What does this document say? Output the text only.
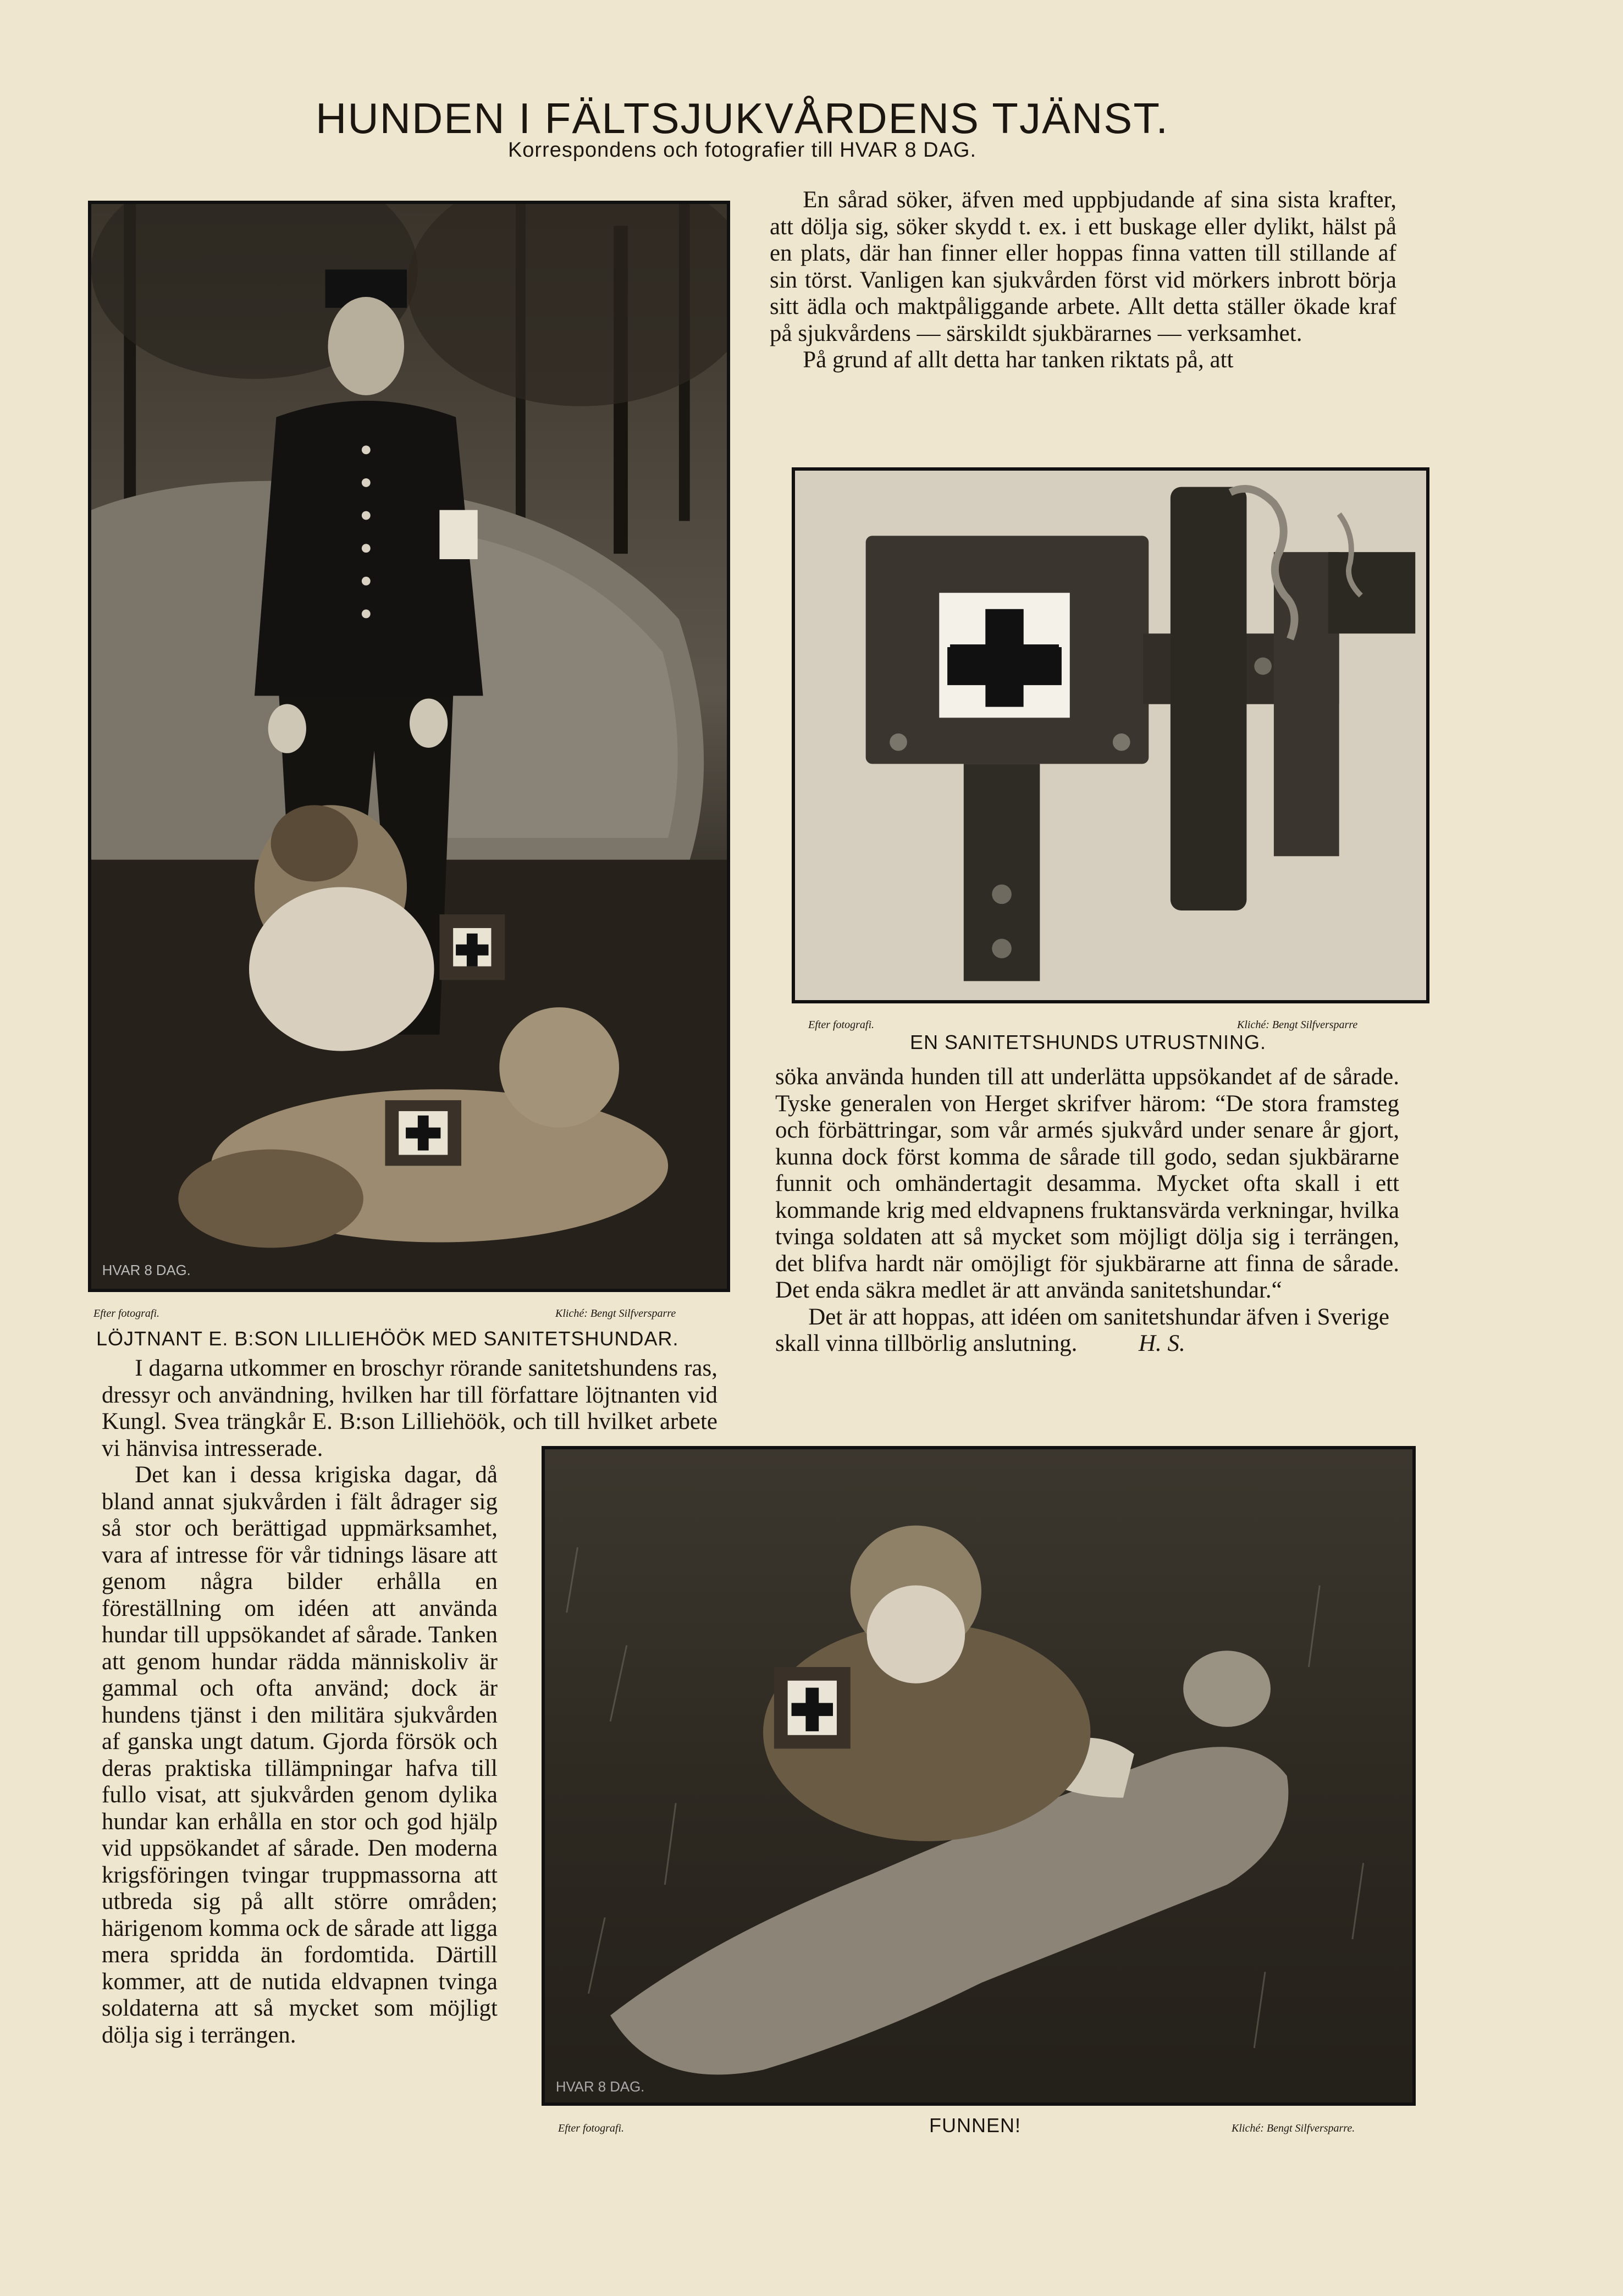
HUNDEN I FÄLTSJUKVÅRDENS TJÄNST.
Korrespondens och fotografier till HVAR 8 DAG.
HVAR 8 DAG.
Efter fotografi.	Kliché: Bengt Silfversparre
LÖJTNANT E. B:SON LILLIEHÖÖK MED SANITETSHUNDAR.

En sårad söker, äfven med uppbjudande af sina sista krafter, att dölja sig, söker skydd t. ex. i ett buskage eller dylikt, hälst på en plats, där han finner eller hoppas finna vatten till stillande af sin törst. Vanligen kan sjukvården först vid mörkers inbrott börja sitt ädla och maktpåliggande arbete. Allt detta ställer ökade kraf på sjukvårdens — särskildt sjukbärarnes — verksamhet.

På grund af allt detta har tanken riktats på, att

Efter fotografi.	Kliché: Bengt Silfversparre
EN SANITETSHUNDS UTRUSTNING.

söka använda hunden till att underlätta uppsökandet af de sårade. Tyske generalen von Herget skrifver härom: “De stora framsteg och förbättringar, som vår armés sjukvård under senare år gjort, kunna dock först komma de sårade till godo, sedan sjukbärarne funnit och omhändertagit desamma. Mycket ofta skall i ett kommande krig med eldvapnens fruktansvärda verkningar, hvilka tvinga soldaten att så mycket som möjligt dölja sig i terrängen, det blifva hardt när omöjligt för sjukbärarne att finna de sårade. Det enda säkra medlet är att använda sanitetshundar.“

Det är att hoppas, att idéen om sanitetshundar äfven i Sverige skall vinna tillbörlig anslutning.	H. S.

I dagarna utkommer en broschyr rörande sanitetshundens ras, dressyr och användning, hvilken har till författare löjtnanten vid Kungl. Svea trängkår E. B:son Lilliehöök, och till hvilket arbete vi hänvisa intresserade.

Det kan i dessa krigiska dagar, då bland annat sjukvården i fält ådrager sig så stor och berättigad uppmärksamhet, vara af intresse för vår tidnings läsare att genom några bilder erhålla en föreställning om idéen att använda hundar till uppsökandet af sårade. Tanken att genom hundar rädda människoliv är gammal och ofta använd; dock är hundens tjänst i den militära sjukvården af ganska ungt datum. Gjorda försök och deras praktiska tillämpningar hafva till fullo visat, att sjukvården genom dylika hundar kan erhålla en stor och god hjälp vid uppsökandet af sårade. Den moderna krigsföringen tvingar truppmassorna att utbreda sig på allt större områden; härigenom komma ock de sårade att ligga mera spridda än fordomtida. Därtill kommer, att de nutida eldvapnen tvinga soldaterna att så mycket som möjligt dölja sig i terrängen.

HVAR 8 DAG.
Efter fotografi.	FUNNEN!	Kliché: Bengt Silfversparre.
